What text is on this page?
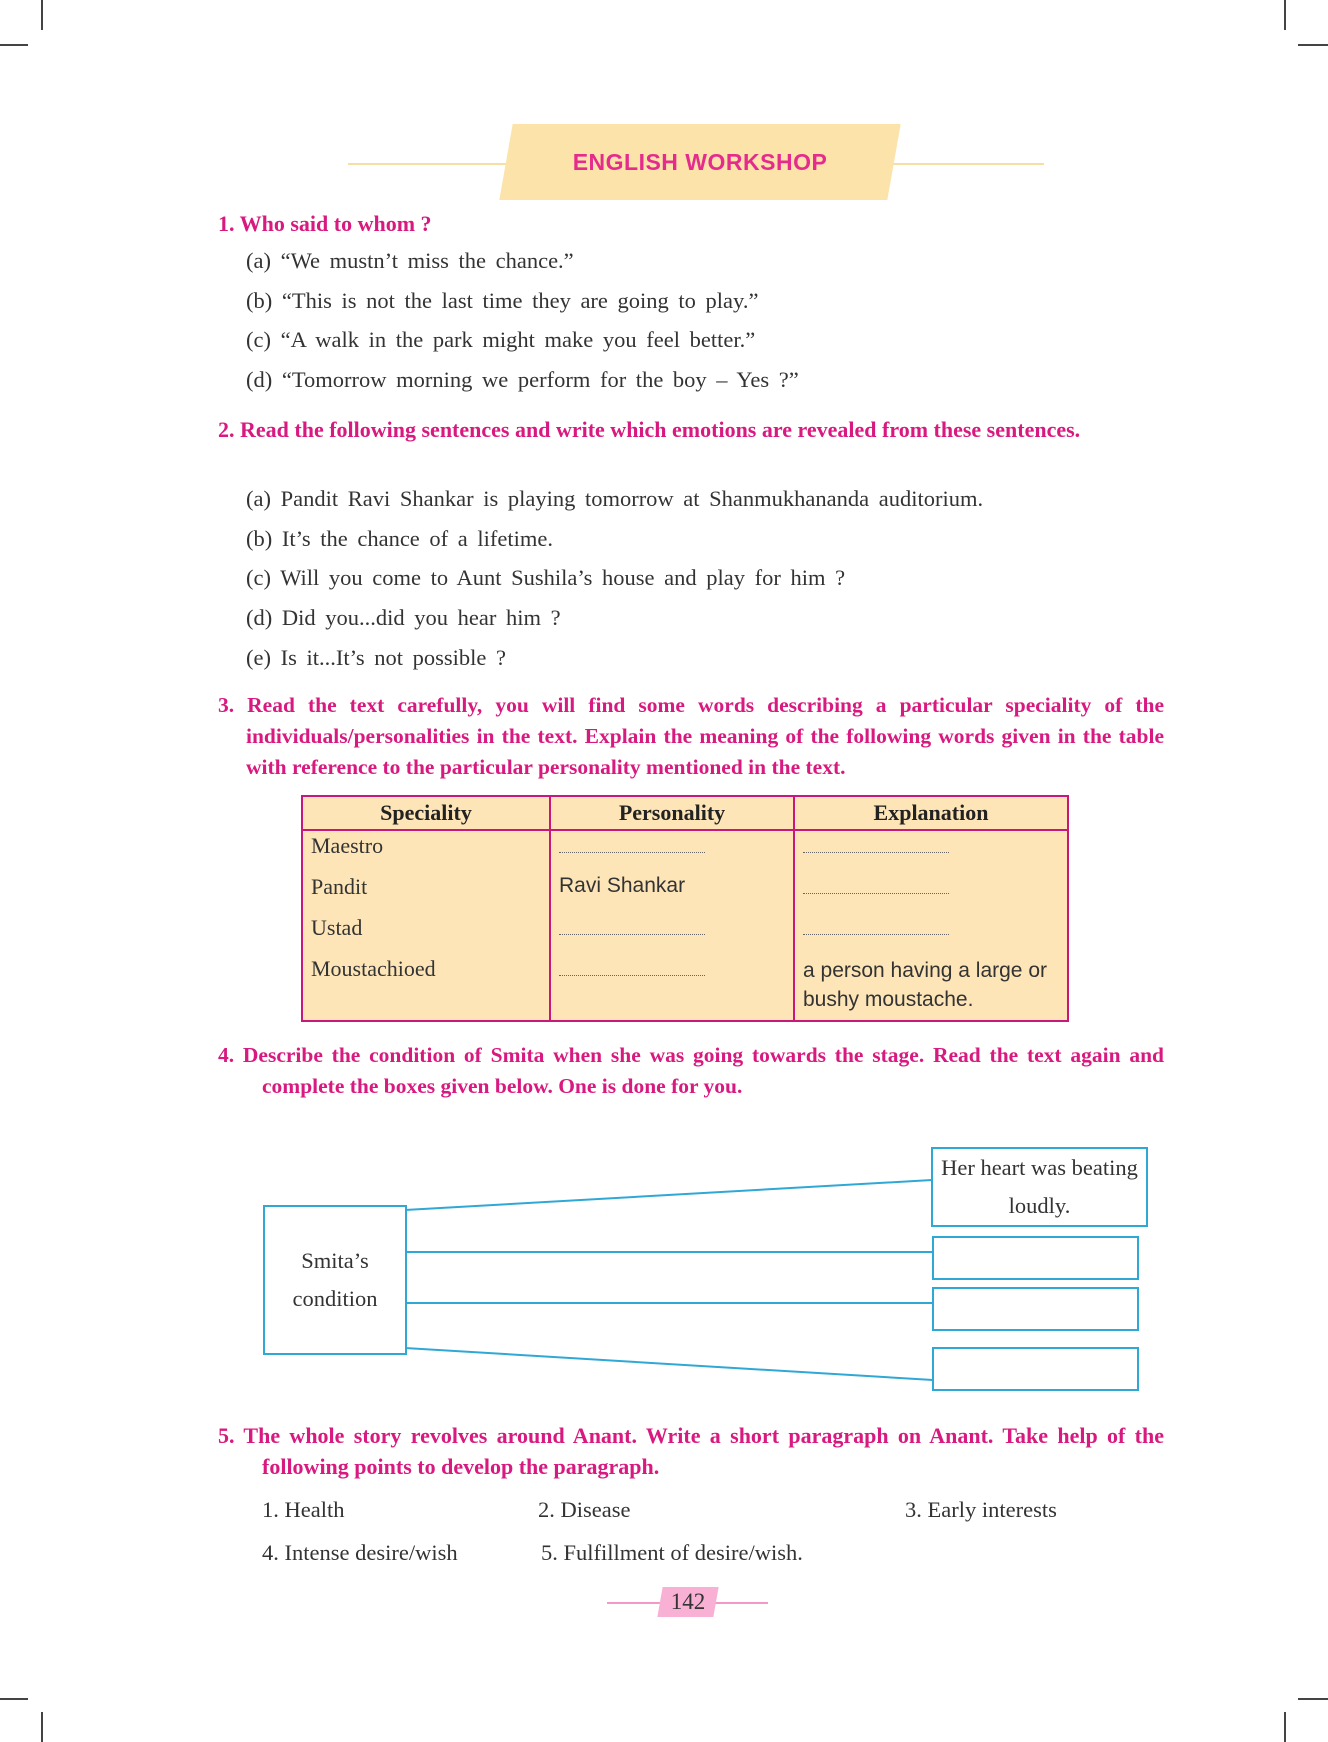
ENGLISH WORKSHOP
1. Who said to whom ?
(a) “We mustn’t miss the chance.”
(b) “This is not the last time they are going to play.”
(c) “A walk in the park might make you feel better.”
(d) “Tomorrow morning we perform for the boy – Yes ?”
2. Read the following sentences and write which emotions are revealed from these sentences.
(a) Pandit Ravi Shankar is playing tomorrow at Shanmukhananda auditorium.
(b) It’s the chance of a lifetime.
(c) Will you come to Aunt Sushila’s house and play for him ?
(d) Did you...did you hear him ?
(e) Is it...It’s not possible ?
3. Read the text carefully, you will find some words describing a particular speciality of the individuals/personalities in the text. Explain the meaning of the following words given in the table with reference to the particular personality mentioned in the text.
Speciality	Personality	Explanation
Maestro		
Pandit	Ravi Shankar	
Ustad		
Moustachioed		a person having a large or bushy moustache.
4. Describe the condition of Smita when she was going towards the stage. Read the text again and complete the boxes given below. One is done for you.
Smita’s condition
Her heart was beating loudly.
5. The whole story revolves around Anant. Write a short paragraph on Anant. Take help of the following points to develop the paragraph.
1. Health	2. Disease	3. Early interests
4. Intense desire/wish	5. Fulfillment of desire/wish.
142
